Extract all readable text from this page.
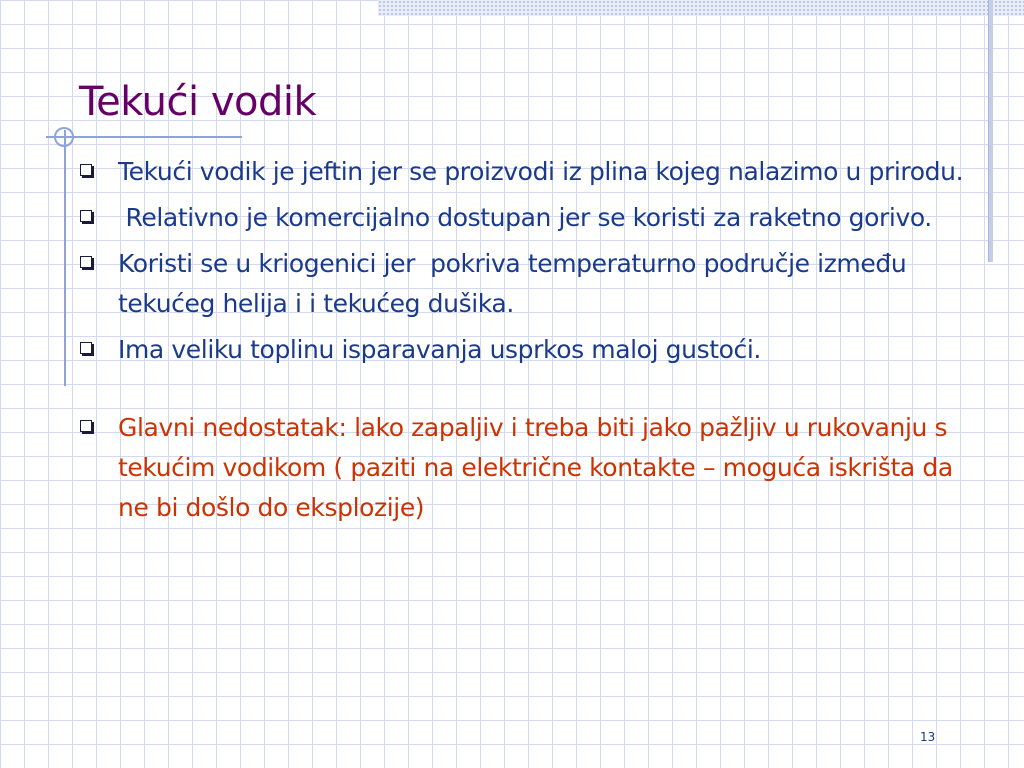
Tekući vodik
Tekući vodik je jeftin jer se proizvodi iz plina kojeg nalazimo u prirodu.
Relativno je komercijalno dostupan jer se koristi za raketno gorivo.
Koristi se u kriogenici jer  pokriva temperaturno područje između tekućeg helija i i tekućeg dušika.
Ima veliku toplinu isparavanja usprkos maloj gustoći.
Glavni nedostatak: lako zapaljiv i treba biti jako pažljiv u rukovanju s tekućim vodikom ( paziti na električne kontakte – moguća iskrišta da ne bi došlo do eksplozije)
13
